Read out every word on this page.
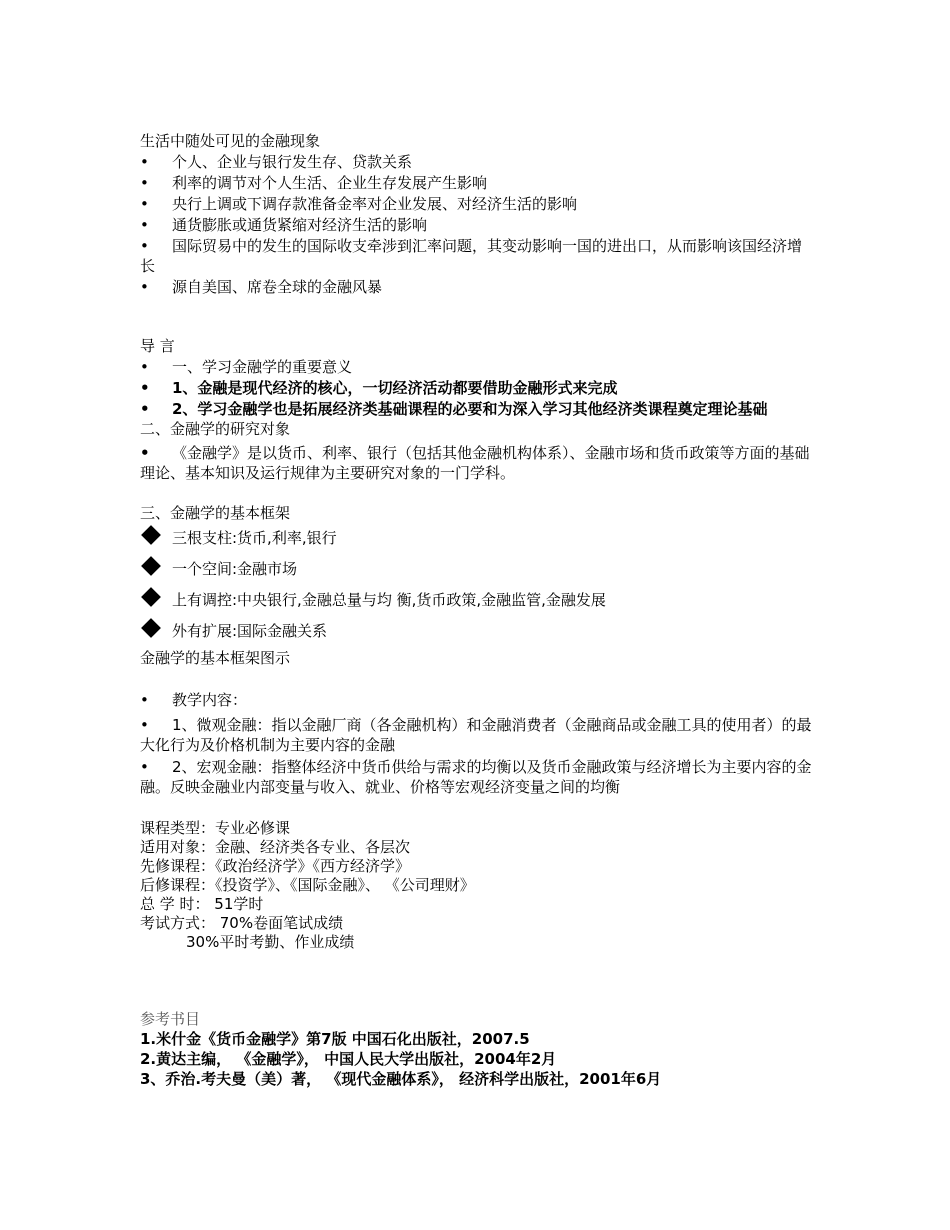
生活中随处可见的金融现象
•	个人、企业与银行发生存、贷款关系
•	利率的调节对个人生活、企业生存发展产生影响
•	央行上调或下调存款准备金率对企业发展、对经济生活的影响
•	通货膨胀或通货紧缩对经济生活的影响
• 国际贸易中的发生的国际收支牵涉到汇率问题，其变动影响一国的进出口，从而影响该国经济增长
•	源自美国、席卷全球的金融风暴
导 言
•	一、学习金融学的重要意义
•	1、金融是现代经济的核心，一切经济活动都要借助金融形式来完成
• 2、学习金融学也是拓展经济类基础课程的必要和为深入学习其他经济类课程奠定理论基础
二、金融学的研究对象
• 《金融学》是以货币、利率、银行（包括其他金融机构体系）、金融市场和货币政策等方面的基础理论、基本知识及运行规律为主要研究对象的一门学科。
三、金融学的基本框架
三根支柱:货币,利率,银行
一个空间:金融市场
上有调控:中央银行,金融总量与均 衡,货币政策,金融监管,金融发展
外有扩展:国际金融关系
金融学的基本框架图示
•	教学内容：
• 1、微观金融：指以金融厂商（各金融机构）和金融消费者（金融商品或金融工具的使用者）的最大化行为及价格机制为主要内容的金融
• 2、宏观金融：指整体经济中货币供给与需求的均衡以及货币金融政策与经济增长为主要内容的金融。反映金融业内部变量与收入、就业、价格等宏观经济变量之间的均衡
课程类型：专业必修课
适用对象：金融、经济类各专业、各层次
先修课程：《政治经济学》《西方经济学》
后修课程：《投资学》、《国际金融》、 《公司理财》
总 学 时： 51学时
考试方式： 70%卷面笔试成绩
30%平时考勤、作业成绩
参考书目
1.米什金《货币金融学》第7版 中国石化出版社，2007.5
2.黄达主编， 《金融学》， 中国人民大学出版社，2004年2月
3、乔治.考夫曼（美）著， 《现代金融体系》， 经济科学出版社，2001年6月
